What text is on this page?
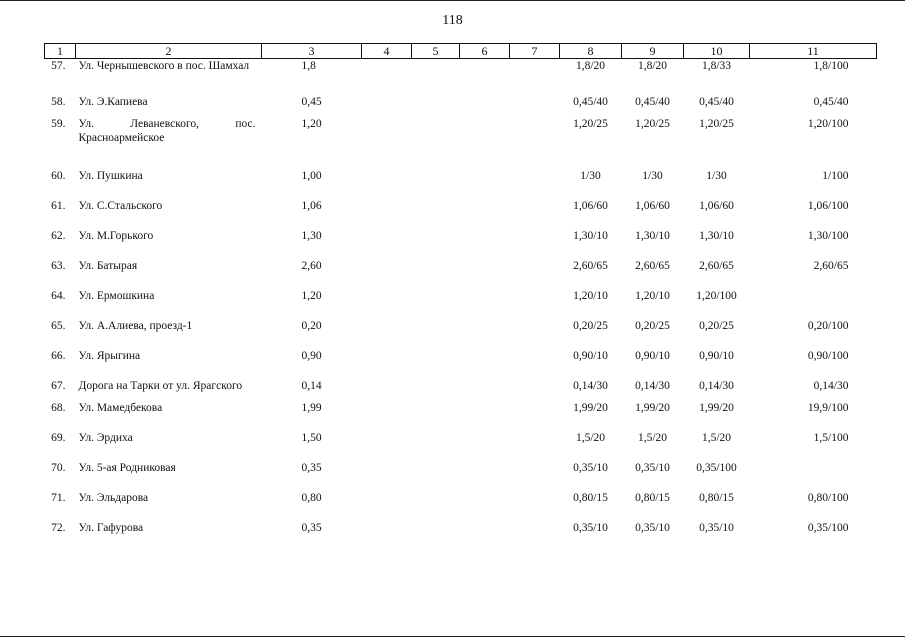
118
1	2	3	4	5	6	7	8	9	10	11
57.	Ул. Чернышевского в пос. Шамхал	1,8					1,8/20	1,8/20	1,8/33	1,8/100
58.	Ул. Э.Капиева	0,45					0,45/40	0,45/40	0,45/40	0,45/40
59.	Ул. Леваневского, пос. Красноармейское	1,20					1,20/25	1,20/25	1,20/25	1,20/100
60.	Ул. Пушкина	1,00					1/30	1/30	1/30	1/100
61.	Ул. С.Стальского	1,06					1,06/60	1,06/60	1,06/60	1,06/100
62.	Ул. М.Горького	1,30					1,30/10	1,30/10	1,30/10	1,30/100
63.	Ул. Батырая	2,60					2,60/65	2,60/65	2,60/65	2,60/65
64.	Ул. Ермошкина	1,20					1,20/10	1,20/10	1,20/100	
65.	Ул. А.Алиева, проезд-1	0,20					0,20/25	0,20/25	0,20/25	0,20/100
66.	Ул. Ярыгина	0,90					0,90/10	0,90/10	0,90/10	0,90/100
67.	Дорога на Тарки от ул. Ярагского	0,14					0,14/30	0,14/30	0,14/30	0,14/30
68.	Ул. Мамедбекова	1,99					1,99/20	1,99/20	1,99/20	19,9/100
69.	Ул. Эрдиха	1,50					1,5/20	1,5/20	1,5/20	1,5/100
70.	Ул. 5-ая Родниковая	0,35					0,35/10	0,35/10	0,35/100	
71.	Ул. Эльдарова	0,80					0,80/15	0,80/15	0,80/15	0,80/100
72.	Ул. Гафурова	0,35					0,35/10	0,35/10	0,35/10	0,35/100
